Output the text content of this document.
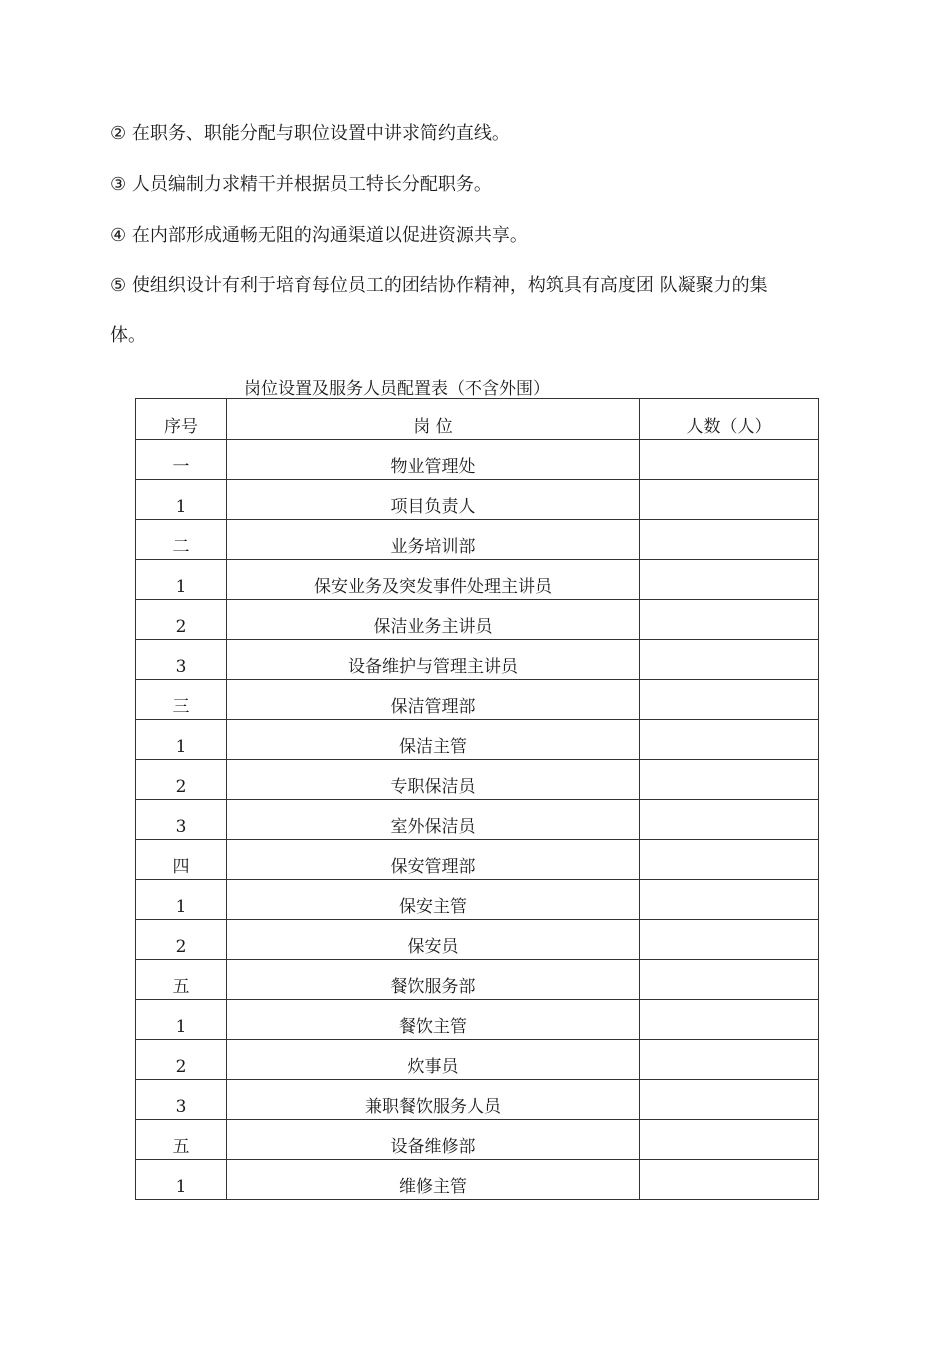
② 在职务、职能分配与职位设置中讲求简约直线。

③ 人员编制力求精干并根据员工特长分配职务。

④ 在内部形成通畅无阻的沟通渠道以促进资源共享。

⑤ 使组织设计有利于培育每位员工的团结协作精神，构筑具有高度团 队凝聚力的集

体。

岗位设置及服务人员配置表（不含外围）
序号	岗 位	人数（人）

一	物业管理处	

1	项目负责人	

二	业务培训部	

1	保安业务及突发事件处理主讲员	

2	保洁业务主讲员	

3	设备维护与管理主讲员	

三	保洁管理部	

1	保洁主管	

2	专职保洁员	

3	室外保洁员	

四	保安管理部	

1	保安主管	

2	保安员	

五	餐饮服务部	

1	餐饮主管	

2	炊事员	

3	兼职餐饮服务人员	

五	设备维修部	

1	维修主管	
